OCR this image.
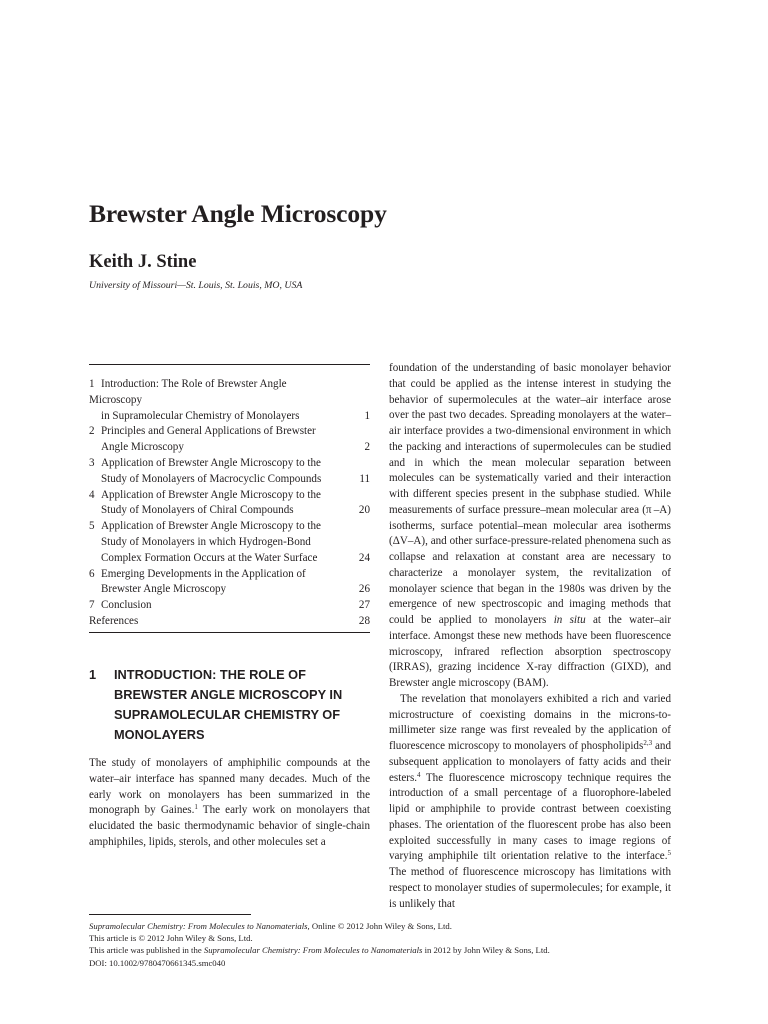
Brewster Angle Microscopy
Keith J. Stine
University of Missouri—St. Louis, St. Louis, MO, USA
1 Introduction: The Role of Brewster Angle Microscopy
in Supramolecular Chemistry of Monolayers	1
2 Principles and General Applications of Brewster
Angle Microscopy	2
3 Application of Brewster Angle Microscopy to the
Study of Monolayers of Macrocyclic Compounds	11
4 Application of Brewster Angle Microscopy to the
Study of Monolayers of Chiral Compounds	20
5 Application of Brewster Angle Microscopy to the
Study of Monolayers in which Hydrogen-Bond
Complex Formation Occurs at the Water Surface	24
6 Emerging Developments in the Application of
Brewster Angle Microscopy	26
7 Conclusion	27
References	28
1	INTRODUCTION: THE ROLE OF BREWSTER ANGLE MICROSCOPY IN SUPRAMOLECULAR CHEMISTRY OF MONOLAYERS
The study of monolayers of amphiphilic compounds at the water–air interface has spanned many decades. Much of the early work on monolayers has been summarized in the monograph by Gaines.$^1$ The early work on monolayers that elucidated the basic thermodynamic behavior of single-chain amphiphiles, lipids, sterols, and other molecules set a

foundation of the understanding of basic monolayer behavior that could be applied as the intense interest in studying the behavior of supermolecules at the water–air interface arose over the past two decades. Spreading monolayers at the water–air interface provides a two-dimensional environment in which the packing and interactions of supermolecules can be studied and in which the mean molecular separation between molecules can be systematically varied and their interaction with different species present in the subphase studied. While measurements of surface pressure–mean molecular area (π –A) isotherms, surface potential–mean molecular area isotherms (ΔV–A), and other surface-pressure-related phenomena such as collapse and relaxation at constant area are necessary to characterize a monolayer system, the revitalization of monolayer science that began in the 1980s was driven by the emergence of new spectroscopic and imaging methods that could be applied to monolayers in situ at the water–air interface. Amongst these new methods have been fluorescence microscopy, infrared reflection absorption spectroscopy (IRRAS), grazing incidence X-ray diffraction (GIXD), and Brewster angle microscopy (BAM).

The revelation that monolayers exhibited a rich and varied microstructure of coexisting domains in the microns-to-millimeter size range was first revealed by the application of fluorescence microscopy to monolayers of phospholipids$^{2,3}$ and subsequent application to monolayers of fatty acids and their esters.$^4$ The fluorescence microscopy technique requires the introduction of a small percentage of a fluorophore-labeled lipid or amphiphile to provide contrast between coexisting phases. The orientation of the fluorescent probe has also been exploited successfully in many cases to image regions of varying amphiphile tilt orientation relative to the interface.$^5$ The method of fluorescence microscopy has limitations with respect to monolayer studies of supermolecules; for example, it is unlikely that

Supramolecular Chemistry: From Molecules to Nanomaterials, Online © 2012 John Wiley & Sons, Ltd.
This article is © 2012 John Wiley & Sons, Ltd.
This article was published in the Supramolecular Chemistry: From Molecules to Nanomaterials in 2012 by John Wiley & Sons, Ltd.
DOI: 10.1002/9780470661345.smc040
